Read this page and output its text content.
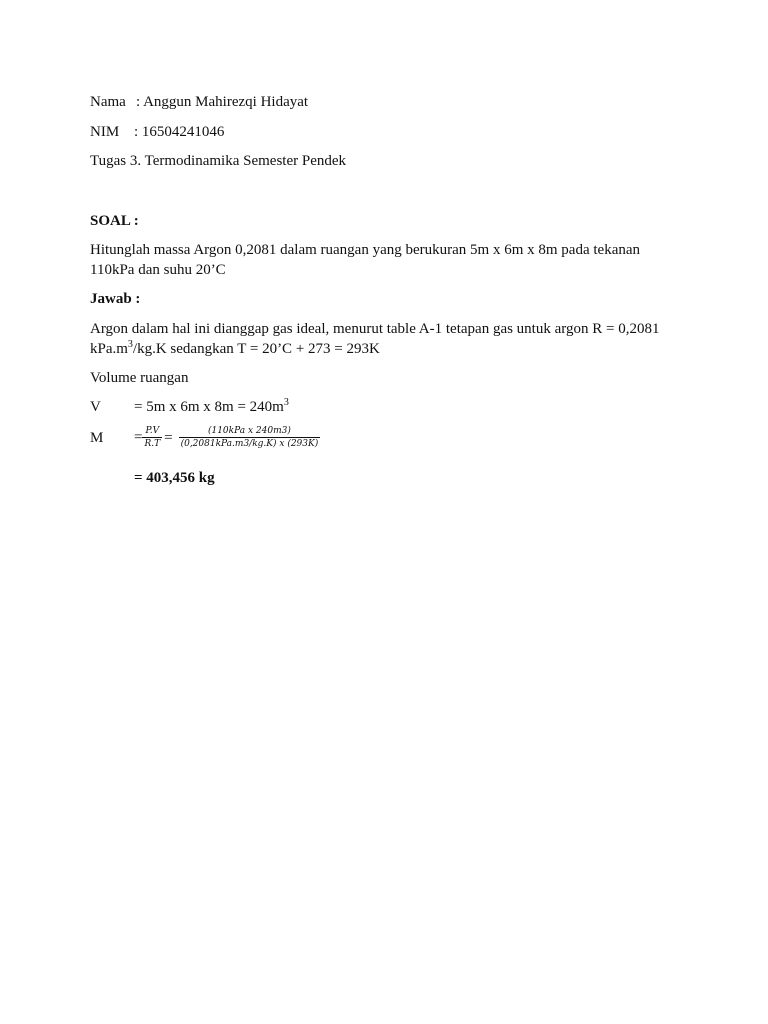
Nama : Anggun Mahirezqi Hidayat
NIM : 16504241046
Tugas 3. Termodinamika Semester Pendek
SOAL :
Hitunglah massa Argon 0,2081 dalam ruangan yang berukuran 5m x 6m x 8m pada tekanan
110kPa dan suhu 20’C
Jawab :
Argon dalam hal ini dianggap gas ideal, menurut table A-1 tetapan gas untuk argon R = 0,2081
$kPa.m^3/kg.K$ sedangkan T = 20’C + 273 = 293K
Volume ruangan
V = 5m x 6m x $8m = 240m^3$
$M = \frac{P.V}{R.T} = \frac{\text{(110kPa x 240m3)}}{\text{(0,2081kPa.m3/kg.K) x (293K)}}$
= 403,456 kg
